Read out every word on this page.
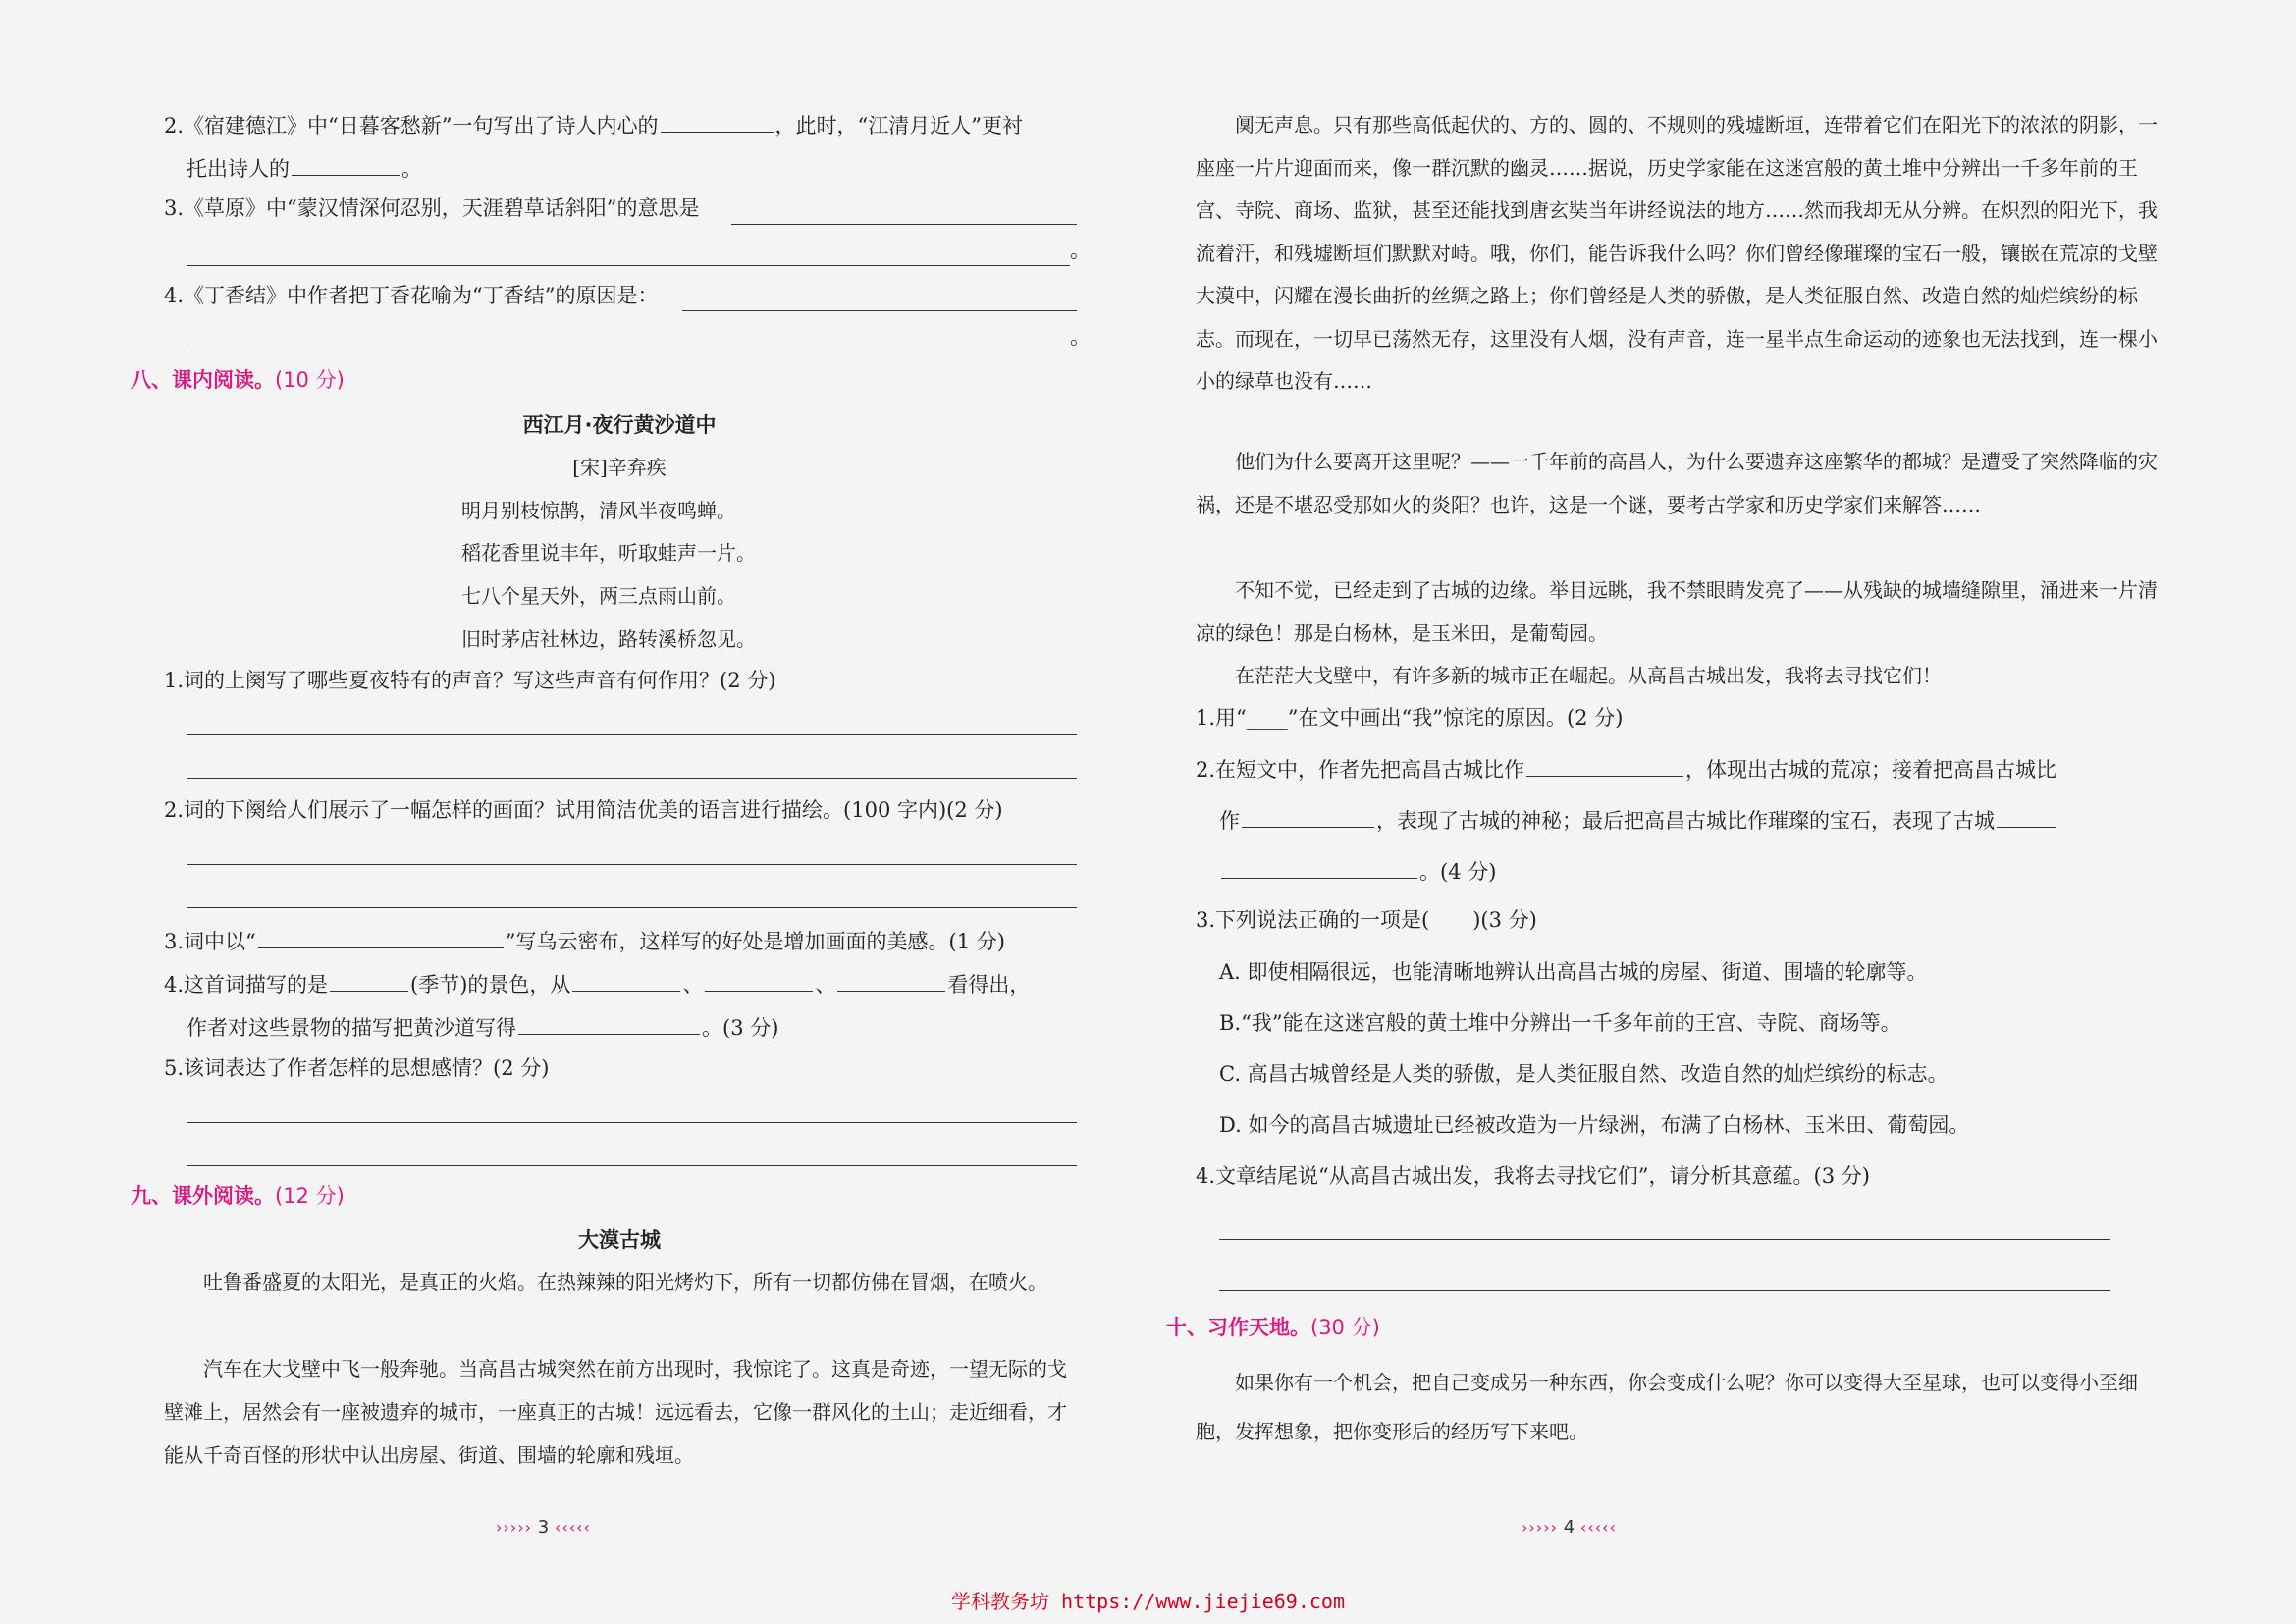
2.《宿建德江》中“日暮客愁新”一句写出了诗人内心的	，此时，“江清月近人”更衬
托出诗人的	。
3.《草原》中“蒙汉情深何忍别，天涯碧草话斜阳”的意思是
。
4.《丁香结》中作者把丁香花喻为“丁香结”的原因是：
。
八、课内阅读。(10 分)
西江月·夜行黄沙道中
[宋]辛弃疾
明月别枝惊鹊，清风半夜鸣蝉。
稻花香里说丰年，听取蛙声一片。
七八个星天外，两三点雨山前。
旧时茅店社林边，路转溪桥忽见。
1.词的上阕写了哪些夏夜特有的声音？写这些声音有何作用？(2 分)
2.词的下阕给人们展示了一幅怎样的画面？试用简洁优美的语言进行描绘。(100 字内)(2 分)
3.词中以“	”写乌云密布，这样写的好处是增加画面的美感。(1 分)
4.这首词描写的是	(季节)的景色，从	、	、	看得出，
作者对这些景物的描写把黄沙道写得	。(3 分)
5.该词表达了作者怎样的思想感情？(2 分)
九、课外阅读。(12 分)
大漠古城
吐鲁番盛夏的太阳光，是真正的火焰。在热辣辣的阳光烤灼下，所有一切都仿佛在冒烟，在喷火。
汽车在大戈壁中飞一般奔驰。当高昌古城突然在前方出现时，我惊诧了。这真是奇迹，一望无际的戈壁滩上，居然会有一座被遗弃的城市，一座真正的古城！远远看去，它像一群风化的土山；走近细看，才能从千奇百怪的形状中认出房屋、街道、围墙的轮廓和残垣。
››››› 3 ‹‹‹‹‹
阒无声息。只有那些高低起伏的、方的、圆的、不规则的残墟断垣，连带着它们在阳光下的浓浓的阴影，一座座一片片迎面而来，像一群沉默的幽灵……据说，历史学家能在这迷宫般的黄土堆中分辨出一千多年前的王宫、寺院、商场、监狱，甚至还能找到唐玄奘当年讲经说法的地方……然而我却无从分辨。在炽烈的阳光下，我流着汗，和残墟断垣们默默对峙。哦，你们，能告诉我什么吗？你们曾经像璀璨的宝石一般，镶嵌在荒凉的戈壁大漠中，闪耀在漫长曲折的丝绸之路上；你们曾经是人类的骄傲，是人类征服自然、改造自然的灿烂缤纷的标志。而现在，一切早已荡然无存，这里没有人烟，没有声音，连一星半点生命运动的迹象也无法找到，连一棵小小的绿草也没有……
他们为什么要离开这里呢？——一千年前的高昌人，为什么要遗弃这座繁华的都城？是遭受了突然降临的灾祸，还是不堪忍受那如火的炎阳？也许，这是一个谜，要考古学家和历史学家们来解答……
不知不觉，已经走到了古城的边缘。举目远眺，我不禁眼睛发亮了——从残缺的城墙缝隙里，涌进来一片清凉的绿色！那是白杨林，是玉米田，是葡萄园。
在茫茫大戈壁中，有许多新的城市正在崛起。从高昌古城出发，我将去寻找它们！
1.用“____”在文中画出“我”惊诧的原因。(2 分)
2.在短文中，作者先把高昌古城比作	，体现出古城的荒凉；接着把高昌古城比
作	，表现了古城的神秘；最后把高昌古城比作璀璨的宝石，表现了古城
。(4 分)
3.下列说法正确的一项是( )(3 分)
A. 即使相隔很远，也能清晰地辨认出高昌古城的房屋、街道、围墙的轮廓等。
B.“我”能在这迷宫般的黄土堆中分辨出一千多年前的王宫、寺院、商场等。
C. 高昌古城曾经是人类的骄傲，是人类征服自然、改造自然的灿烂缤纷的标志。
D. 如今的高昌古城遗址已经被改造为一片绿洲，布满了白杨林、玉米田、葡萄园。
4.文章结尾说“从高昌古城出发，我将去寻找它们”，请分析其意蕴。(3 分)
十、习作天地。(30 分)
如果你有一个机会，把自己变成另一种东西，你会变成什么呢？你可以变得大至星球，也可以变得小至细胞，发挥想象，把你变形后的经历写下来吧。
››››› 4 ‹‹‹‹‹
学科教务坊 https://www.jiejie69.com
